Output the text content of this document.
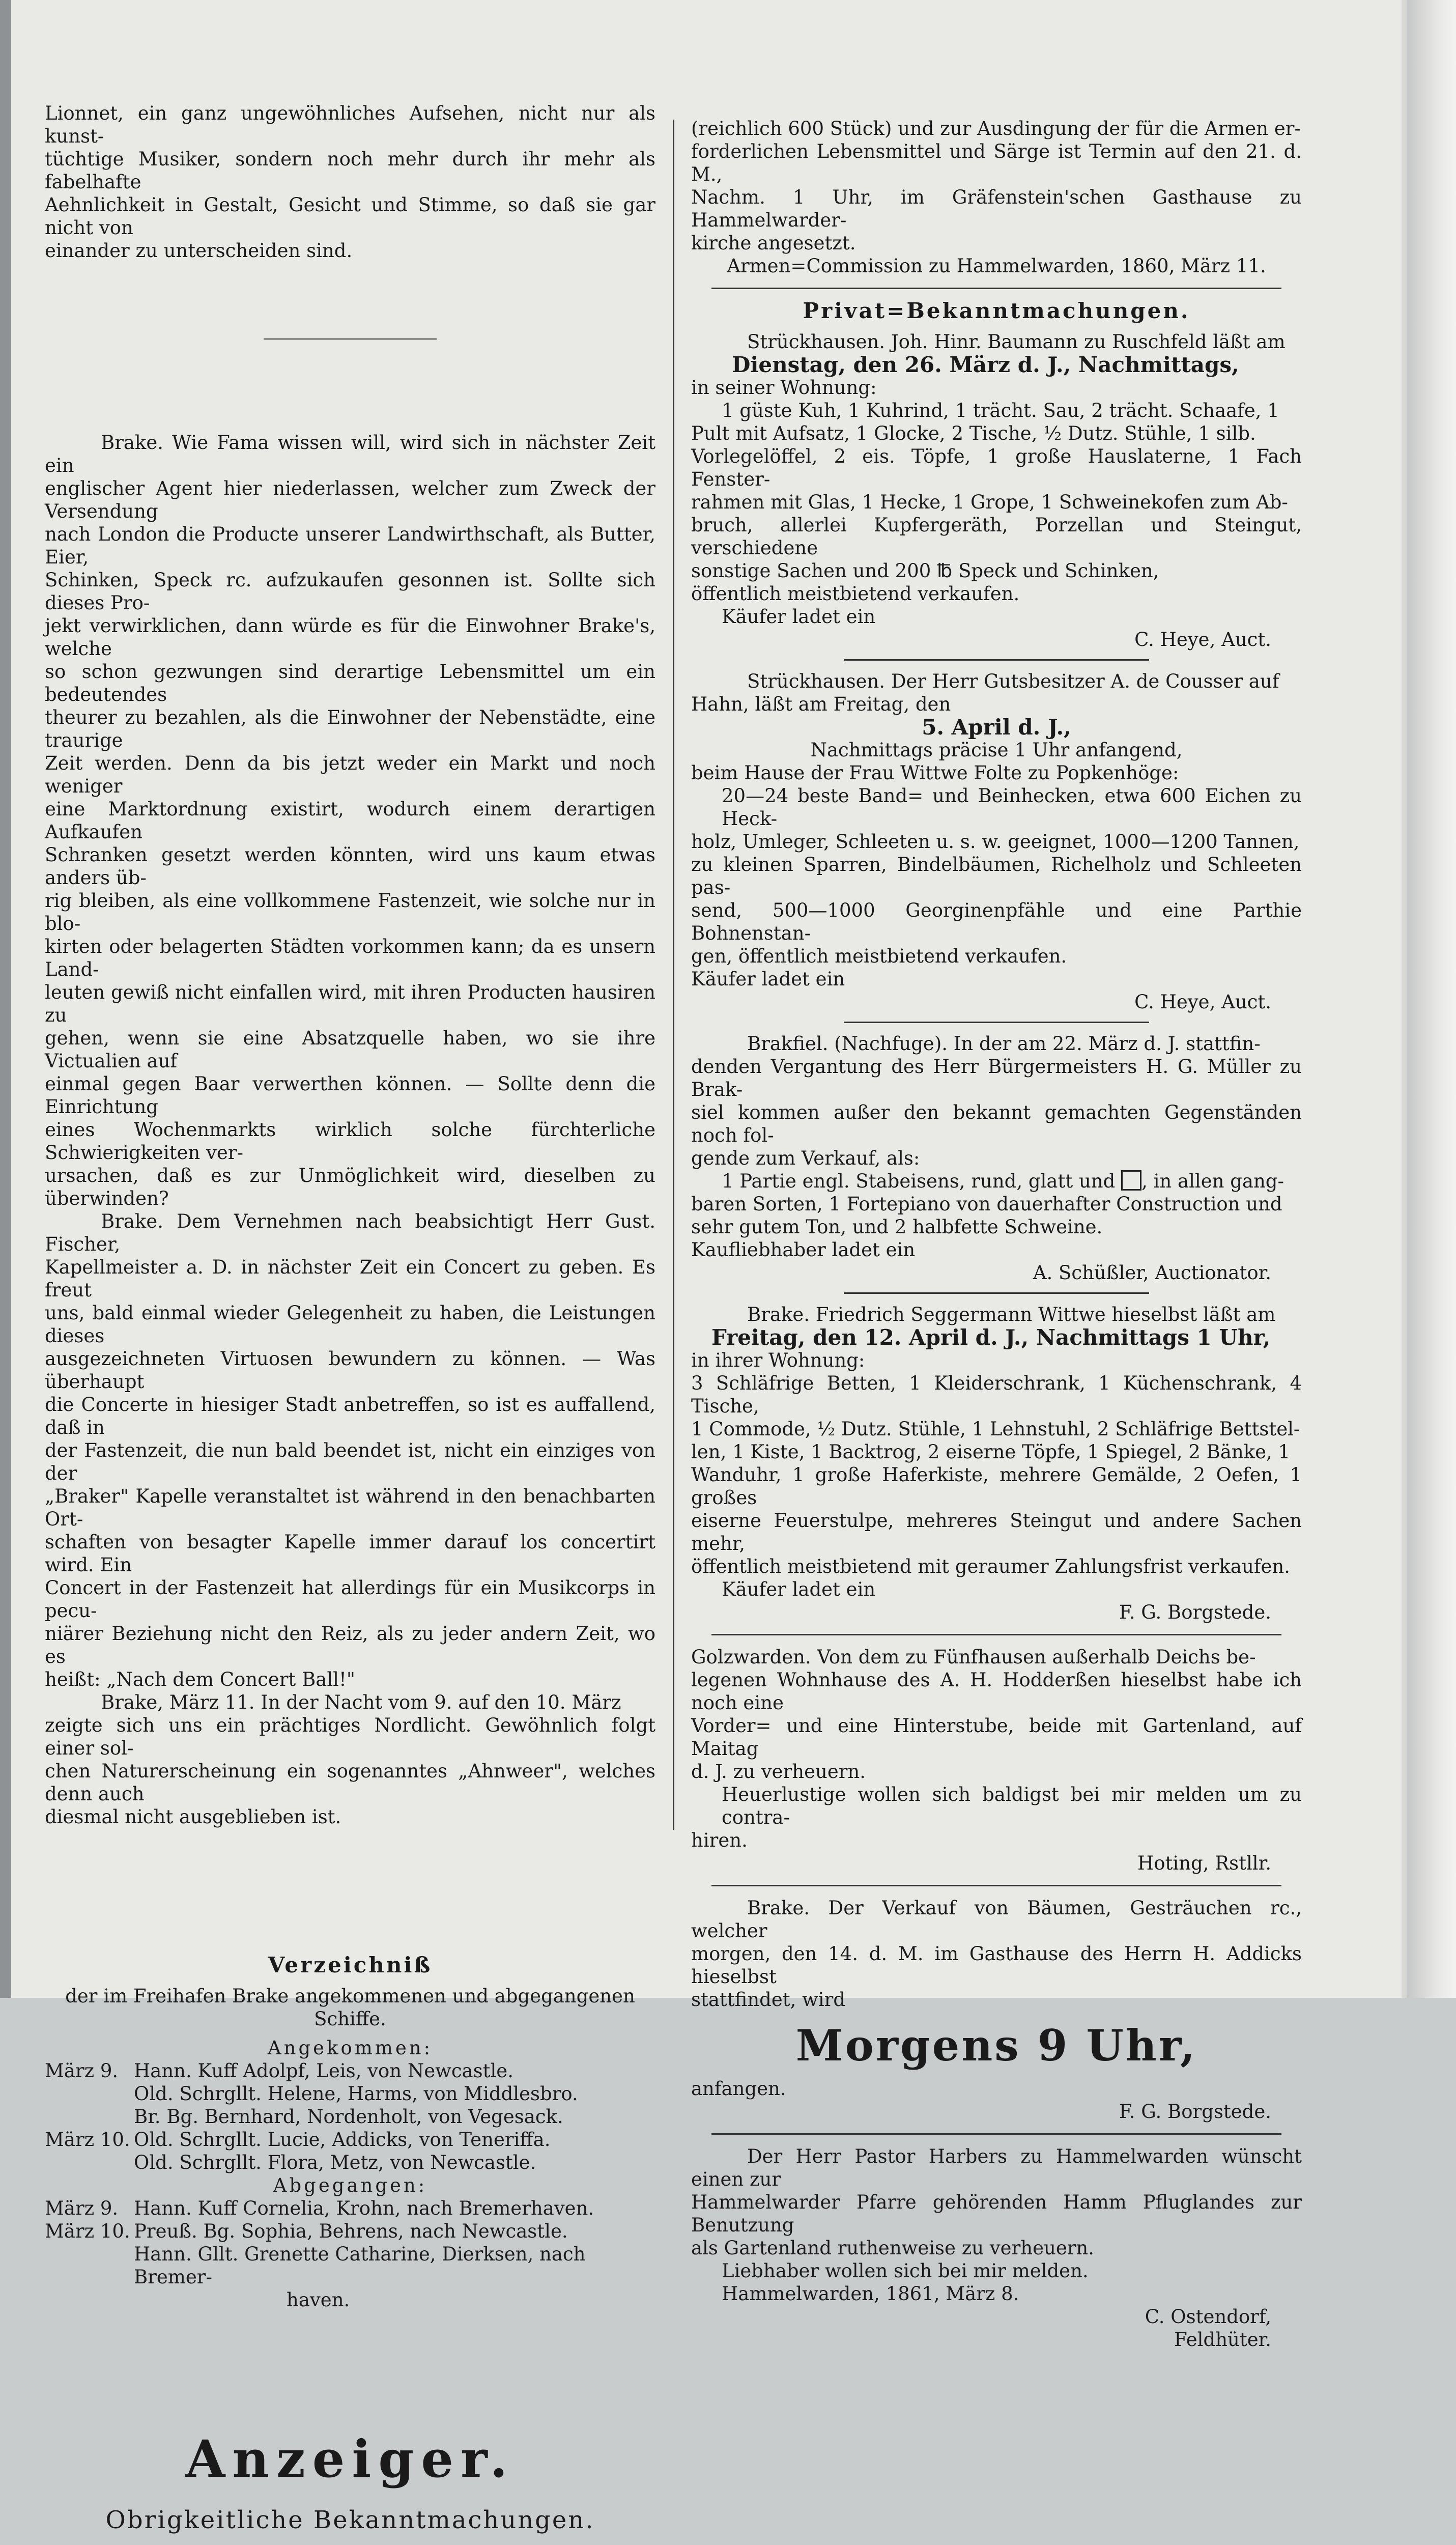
Lionnet, ein ganz ungewöhnliches Aufsehen, nicht nur als kunst-

tüchtige Musiker, sondern noch mehr durch ihr mehr als fabelhafte

Aehnlichkeit in Gestalt, Gesicht und Stimme, so daß sie gar nicht von

einander zu unterscheiden sind.

Brake. Wie Fama wissen will, wird sich in nächster Zeit ein

englischer Agent hier niederlassen, welcher zum Zweck der Versendung

nach London die Producte unserer Landwirthschaft, als Butter, Eier,

Schinken, Speck rc. aufzukaufen gesonnen ist. Sollte sich dieses Pro-

jekt verwirklichen, dann würde es für die Einwohner Brake's, welche

so schon gezwungen sind derartige Lebensmittel um ein bedeutendes

theurer zu bezahlen, als die Einwohner der Nebenstädte, eine traurige

Zeit werden. Denn da bis jetzt weder ein Markt und noch weniger

eine Marktordnung existirt, wodurch einem derartigen Aufkaufen

Schranken gesetzt werden könnten, wird uns kaum etwas anders üb-

rig bleiben, als eine vollkommene Fastenzeit, wie solche nur in blo-

kirten oder belagerten Städten vorkommen kann; da es unsern Land-

leuten gewiß nicht einfallen wird, mit ihren Producten hausiren zu

gehen, wenn sie eine Absatzquelle haben, wo sie ihre Victualien auf

einmal gegen Baar verwerthen können. — Sollte denn die Einrichtung

eines Wochenmarkts wirklich solche fürchterliche Schwierigkeiten ver-

ursachen, daß es zur Unmöglichkeit wird, dieselben zu überwinden?

Brake. Dem Vernehmen nach beabsichtigt Herr Gust. Fischer,

Kapellmeister a. D. in nächster Zeit ein Concert zu geben. Es freut

uns, bald einmal wieder Gelegenheit zu haben, die Leistungen dieses

ausgezeichneten Virtuosen bewundern zu können. — Was überhaupt

die Concerte in hiesiger Stadt anbetreffen, so ist es auffallend, daß in

der Fastenzeit, die nun bald beendet ist, nicht ein einziges von der

„Braker" Kapelle veranstaltet ist während in den benachbarten Ort-

schaften von besagter Kapelle immer darauf los concertirt wird. Ein

Concert in der Fastenzeit hat allerdings für ein Musikcorps in pecu-

niärer Beziehung nicht den Reiz, als zu jeder andern Zeit, wo es

heißt: „Nach dem Concert Ball!"

Brake, März 11. In der Nacht vom 9. auf den 10. März

zeigte sich uns ein prächtiges Nordlicht. Gewöhnlich folgt einer sol-

chen Naturerscheinung ein sogenanntes „Ahnweer", welches denn auch

diesmal nicht ausgeblieben ist.

Verzeichniß

der im Freihafen Brake angekommenen und abgegangenen Schiffe.

Angekommen:

März 9. Hann. Kuff Adolpf, Leis, von Newcastle.
Old. Schrgllt. Helene, Harms, von Middlesbro.
Br. Bg. Bernhard, Nordenholt, von Vegesack.
März 10. Old. Schrgllt. Lucie, Addicks, von Teneriffa.
Old. Schrgllt. Flora, Metz, von Newcastle.

Abgegangen:

März 9. Hann. Kuff Cornelia, Krohn, nach Bremerhaven.
März 10. Preuß. Bg. Sophia, Behrens, nach Newcastle.
Hann. Gllt. Grenette Catharine, Dierksen, nach Bremer-
haven.
Anzeiger.
Obrigkeitliche Bekanntmachungen.

(reichlich 600 Stück) und zur Ausdingung der für die Armen er-

forderlichen Lebensmittel und Särge ist Termin auf den 21. d. M.,

Nachm. 1 Uhr, im Gräfenstein'schen Gasthause zu Hammelwarder-

kirche angesetzt.

Armen=Commission zu Hammelwarden, 1860, März 11.

Privat=Bekanntmachungen.

Strückhausen. Joh. Hinr. Baumann zu Ruschfeld läßt am

Dienstag, den 26. März d. J., Nachmittags,

in seiner Wohnung:

1 güste Kuh, 1 Kuhrind, 1 trächt. Sau, 2 trächt. Schaafe, 1

Pult mit Aufsatz, 1 Glocke, 2 Tische, ½ Dutz. Stühle, 1 silb.

Vorlegelöffel, 2 eis. Töpfe, 1 große Hauslaterne, 1 Fach Fenster-

rahmen mit Glas, 1 Hecke, 1 Grope, 1 Schweinekofen zum Ab-

bruch, allerlei Kupfergeräth, Porzellan und Steingut, verschiedene

sonstige Sachen und 200 ℔ Speck und Schinken,

öffentlich meistbietend verkaufen.

Käufer ladet ein

C. Heye, Auct.

Strückhausen. Der Herr Gutsbesitzer A. de Cousser auf

Hahn, läßt am Freitag, den

5. April d. J.,

Nachmittags präcise 1 Uhr anfangend,

beim Hause der Frau Wittwe Folte zu Popkenhöge:

20—24 beste Band= und Beinhecken, etwa 600 Eichen zu Heck-

holz, Umleger, Schleeten u. s. w. geeignet, 1000—1200 Tannen,

zu kleinen Sparren, Bindelbäumen, Richelholz und Schleeten pas-

send, 500—1000 Georginenpfähle und eine Parthie Bohnenstan-

gen, öffentlich meistbietend verkaufen.

Käufer ladet ein

C. Heye, Auct.

Brakfiel. (Nachfuge). In der am 22. März d. J. stattfin-

denden Vergantung des Herr Bürgermeisters H. G. Müller zu Brak-

siel kommen außer den bekannt gemachten Gegenständen noch fol-

gende zum Verkauf, als:

1 Partie engl. Stabeisens, rund, glatt und , in allen gang-

baren Sorten, 1 Fortepiano von dauerhafter Construction und

sehr gutem Ton, und 2 halbfette Schweine.

Kaufliebhaber ladet ein

A. Schüßler, Auctionator.

Brake. Friedrich Seggermann Wittwe hieselbst läßt am

Freitag, den 12. April d. J., Nachmittags 1 Uhr,

in ihrer Wohnung:

3 Schläfrige Betten, 1 Kleiderschrank, 1 Küchenschrank, 4 Tische,

1 Commode, ½ Dutz. Stühle, 1 Lehnstuhl, 2 Schläfrige Bettstel-

len, 1 Kiste, 1 Backtrog, 2 eiserne Töpfe, 1 Spiegel, 2 Bänke, 1

Wanduhr, 1 große Haferkiste, mehrere Gemälde, 2 Oefen, 1 großes

eiserne Feuerstulpe, mehreres Steingut und andere Sachen mehr,

öffentlich meistbietend mit geraumer Zahlungsfrist verkaufen.

Käufer ladet ein

F. G. Borgstede.

Golzwarden. Von dem zu Fünfhausen außerhalb Deichs be-

legenen Wohnhause des A. H. Hodderßen hieselbst habe ich noch eine

Vorder= und eine Hinterstube, beide mit Gartenland, auf Maitag

d. J. zu verheuern.

Heuerlustige wollen sich baldigst bei mir melden um zu contra-

hiren.

Hoting, Rstllr.

Brake. Der Verkauf von Bäumen, Gesträuchen rc., welcher

morgen, den 14. d. M. im Gasthause des Herrn H. Addicks hieselbst

stattfindet, wird

Morgens 9 Uhr,

anfangen.

F. G. Borgstede.

Der Herr Pastor Harbers zu Hammelwarden wünscht einen zur

Hammelwarder Pfarre gehörenden Hamm Pfluglandes zur Benutzung

als Gartenland ruthenweise zu verheuern.

Liebhaber wollen sich bei mir melden.

Hammelwarden, 1861, März 8.

C. Ostendorf,

Feldhüter.
